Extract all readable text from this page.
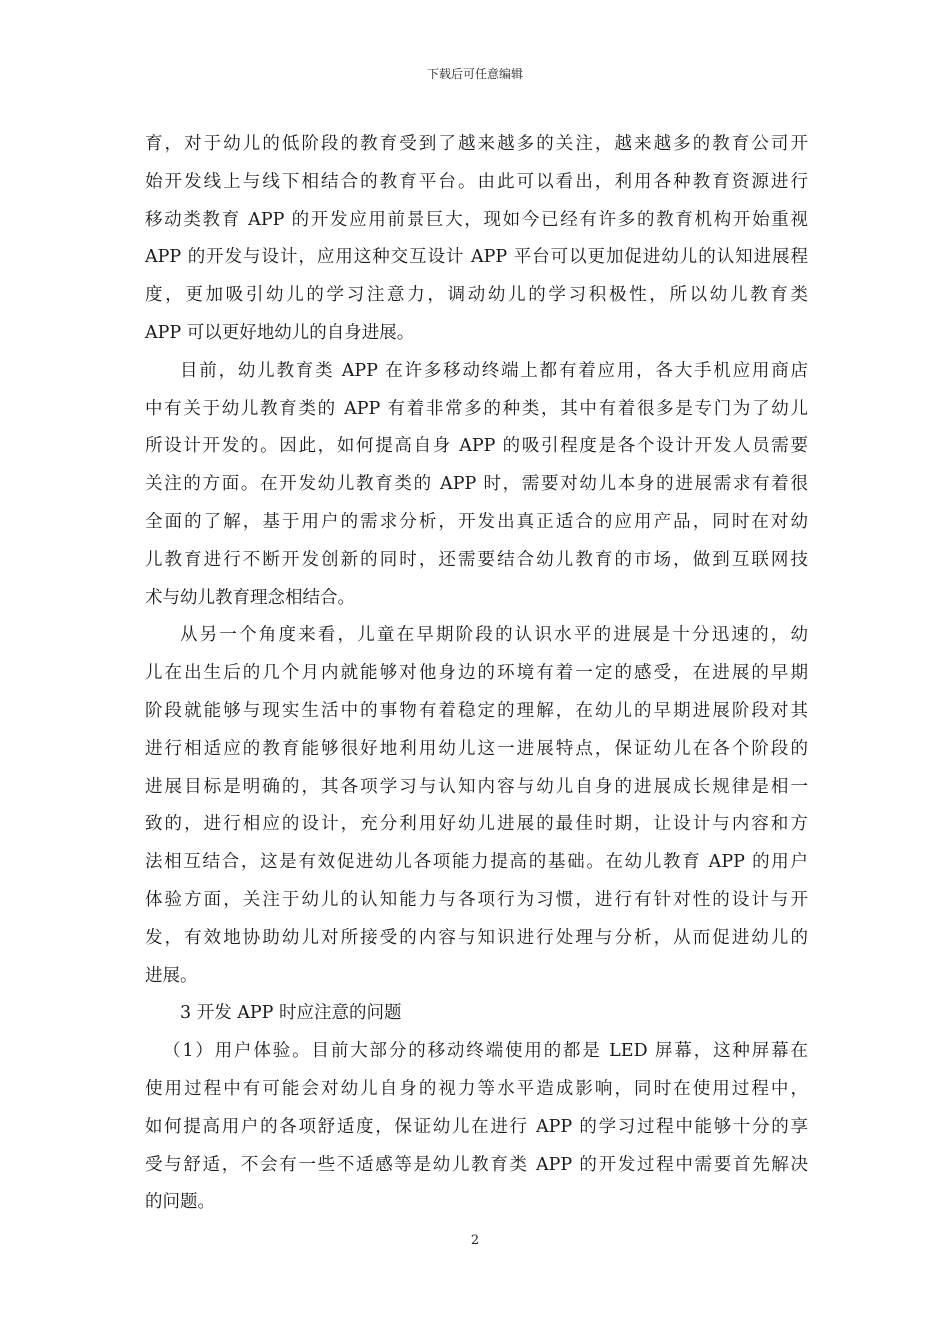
下载后可任意编辑
育，对于幼儿的低阶段的教育受到了越来越多的关注，越来越多的教育公司开
始开发线上与线下相结合的教育平台。由此可以看出，利用各种教育资源进行
移动类教育 APP 的开发应用前景巨大，现如今已经有许多的教育机构开始重视
APP 的开发与设计，应用这种交互设计 APP 平台可以更加促进幼儿的认知进展程
度，更加吸引幼儿的学习注意力，调动幼儿的学习积极性，所以幼儿教育类
APP 可以更好地幼儿的自身进展。
目前，幼儿教育类 APP 在许多移动终端上都有着应用，各大手机应用商店
中有关于幼儿教育类的 APP 有着非常多的种类，其中有着很多是专门为了幼儿
所设计开发的。因此，如何提高自身 APP 的吸引程度是各个设计开发人员需要
关注的方面。在开发幼儿教育类的 APP 时，需要对幼儿本身的进展需求有着很
全面的了解，基于用户的需求分析，开发出真正适合的应用产品，同时在对幼
儿教育进行不断开发创新的同时，还需要结合幼儿教育的市场，做到互联网技
术与幼儿教育理念相结合。
从另一个角度来看，儿童在早期阶段的认识水平的进展是十分迅速的，幼
儿在出生后的几个月内就能够对他身边的环境有着一定的感受，在进展的早期
阶段就能够与现实生活中的事物有着稳定的理解，在幼儿的早期进展阶段对其
进行相适应的教育能够很好地利用幼儿这一进展特点，保证幼儿在各个阶段的
进展目标是明确的，其各项学习与认知内容与幼儿自身的进展成长规律是相一
致的，进行相应的设计，充分利用好幼儿进展的最佳时期，让设计与内容和方
法相互结合，这是有效促进幼儿各项能力提高的基础。在幼儿教育 APP 的用户
体验方面，关注于幼儿的认知能力与各项行为习惯，进行有针对性的设计与开
发，有效地协助幼儿对所接受的内容与知识进行处理与分析，从而促进幼儿的
进展。
3 开发 APP 时应注意的问题
（1）用户体验。目前大部分的移动终端使用的都是 LED 屏幕，这种屏幕在
使用过程中有可能会对幼儿自身的视力等水平造成影响，同时在使用过程中，
如何提高用户的各项舒适度，保证幼儿在进行 APP 的学习过程中能够十分的享
受与舒适，不会有一些不适感等是幼儿教育类 APP 的开发过程中需要首先解决
的问题。
2
